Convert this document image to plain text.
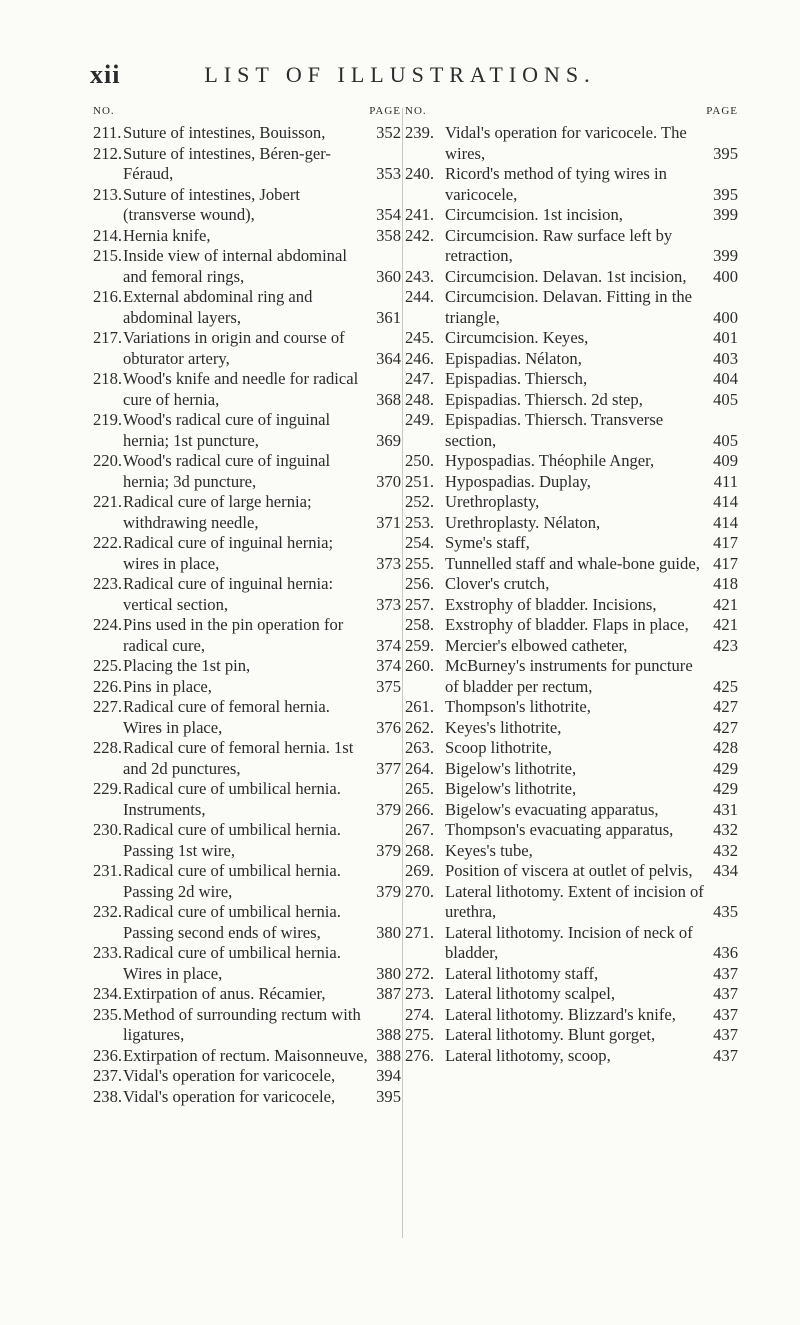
xii	LIST OF ILLUSTRATIONS.
NO.	PAGE
211. Suture of intestines, Bouisson,	352
212. Suture of intestines, Béren-ger-Féraud,	353
213. Suture of intestines, Jobert (transverse wound),	354
214. Hernia knife,	358
215. Inside view of internal abdominal and femoral rings,	360
216. External abdominal ring and abdominal layers,	361
217. Variations in origin and course of obturator artery,	364
218. Wood's knife and needle for radical cure of hernia,	368
219. Wood's radical cure of inguinal hernia; 1st puncture,	369
220. Wood's radical cure of inguinal hernia; 3d puncture,	370
221. Radical cure of large hernia; withdrawing needle,	371
222. Radical cure of inguinal hernia; wires in place,	373
223. Radical cure of inguinal hernia: vertical section,	373
224. Pins used in the pin operation for radical cure,	374
225. Placing the 1st pin,	374
226. Pins in place,	375
227. Radical cure of femoral hernia. Wires in place,	376
228. Radical cure of femoral hernia. 1st and 2d punctures,	377
229. Radical cure of umbilical hernia. Instruments,	379
230. Radical cure of umbilical hernia. Passing 1st wire,	379
231. Radical cure of umbilical hernia. Passing 2d wire,	379
232. Radical cure of umbilical hernia. Passing second ends of wires,	380
233. Radical cure of umbilical hernia. Wires in place,	380
234. Extirpation of anus. Récamier,	387
235. Method of surrounding rectum with ligatures,	388
236. Extirpation of rectum. Maisonneuve, 388
237. Vidal's operation for varicocele,	394
238. Vidal's operation for varicocele,	395
NO.	PAGE
239. Vidal's operation for varicocele. The wires,	395
240. Ricord's method of tying wires in varicocele,	395
241. Circumcision. 1st incision,	399
242. Circumcision. Raw surface left by retraction,	399
243. Circumcision. Delavan. 1st incision,	400
244. Circumcision. Delavan. Fitting in the triangle,	400
245. Circumcision. Keyes,	401
246. Epispadias. Nélaton,	403
247. Epispadias. Thiersch,	404
248. Epispadias. Thiersch. 2d step,	405
249. Epispadias. Thiersch. Transverse section,	405
250. Hypospadias. Théophile Anger,	409
251. Hypospadias. Duplay,	411
252. Urethroplasty,	414
253. Urethroplasty. Nélaton,	414
254. Syme's staff,	417
255. Tunnelled staff and whale-bone guide, 417
256. Clover's crutch,	418
257. Exstrophy of bladder. Incisions,	421
258. Exstrophy of bladder. Flaps in place,	421
259. Mercier's elbowed catheter,	423
260. McBurney's instruments for puncture of bladder per rectum,	425
261. Thompson's lithotrite,	427
262. Keyes's lithotrite,	427
263. Scoop lithotrite,	428
264. Bigelow's lithotrite,	429
265. Bigelow's lithotrite,	429
266. Bigelow's evacuating apparatus,	431
267. Thompson's evacuating apparatus,	432
268. Keyes's tube,	432
269. Position of viscera at outlet of pelvis,	434
270. Lateral lithotomy. Extent of incision of urethra,	435
271. Lateral lithotomy. Incision of neck of bladder,	436
272. Lateral lithotomy staff,	437
273. Lateral lithotomy scalpel,	437
274. Lateral lithotomy. Blizzard's knife,	437
275. Lateral lithotomy. Blunt gorget,	437
276. Lateral lithotomy, scoop,	437
